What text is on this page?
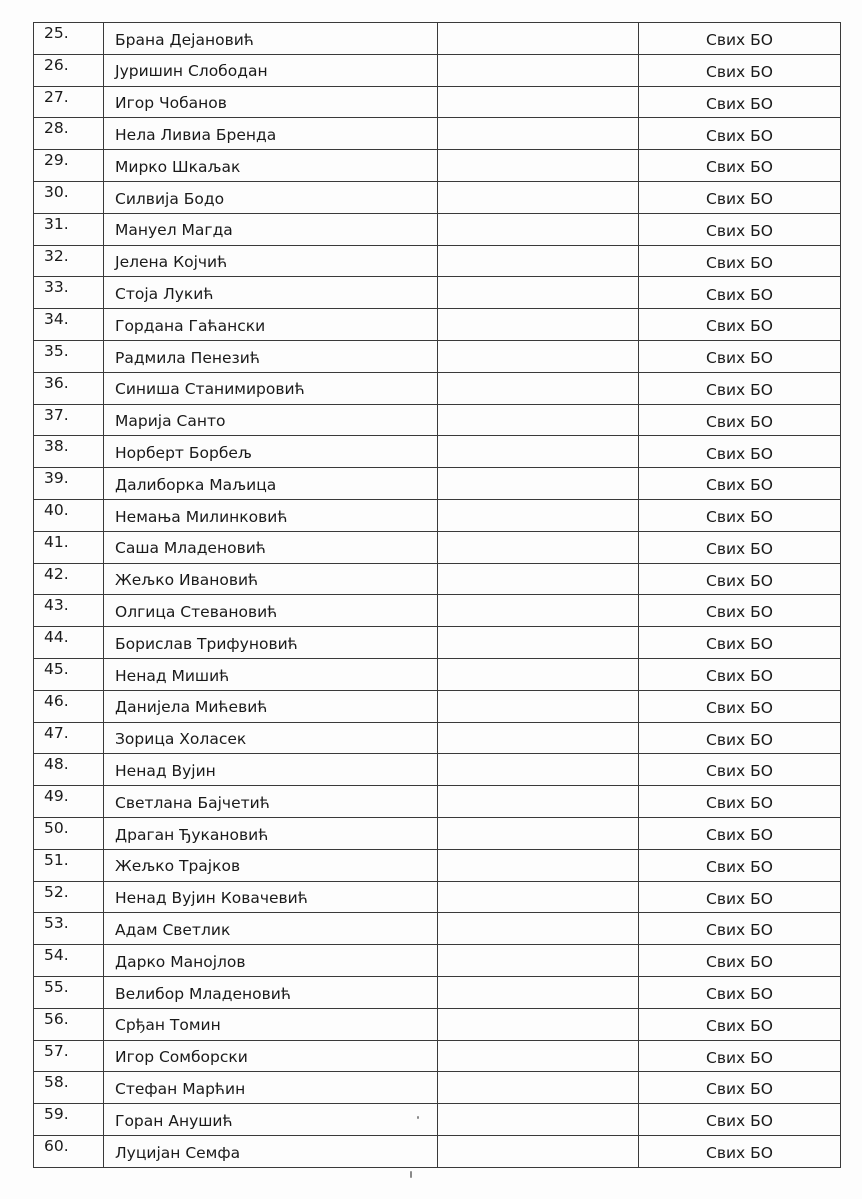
25.	Брана Дејановић		Свих БО
26.	Јуришин Слободан		Свих БО
27.	Игор Чобанов		Свих БО
28.	Нела Ливиа Бренда		Свих БО
29.	Мирко Шкаљак		Свих БО
30.	Силвија Бодо		Свих БО
31.	Мануел Магда		Свих БО
32.	Јелена Којчић		Свих БО
33.	Стоја Лукић		Свих БО
34.	Гордана Гаћански		Свих БО
35.	Радмила Пенезић		Свих БО
36.	Синиша Станимировић		Свих БО
37.	Марија Санто		Свих БО
38.	Норберт Борбељ		Свих БО
39.	Далиборка Маљица		Свих БО
40.	Немања Милинковић		Свих БО
41.	Саша Младеновић		Свих БО
42.	Жељко Ивановић		Свих БО
43.	Олгица Стевановић		Свих БО
44.	Борислав Трифуновић		Свих БО
45.	Ненад Мишић		Свих БО
46.	Данијела Мићевић		Свих БО
47.	Зорица Холасек		Свих БО
48.	Ненад Вујин		Свих БО
49.	Светлана Бајчетић		Свих БО
50.	Драган Ђукановић		Свих БО
51.	Жељко Трајков		Свих БО
52.	Ненад Вујин Ковачевић		Свих БО
53.	Адам Светлик		Свих БО
54.	Дарко Манојлов		Свих БО
55.	Велибор Младеновић		Свих БО
56.	Срђан Томин		Свих БО
57.	Игор Сомборски		Свих БО
58.	Стефан Марћин		Свих БО
59.	Горан Анушић		Свих БО
60.	Луцијан Семфа		Свих БО
